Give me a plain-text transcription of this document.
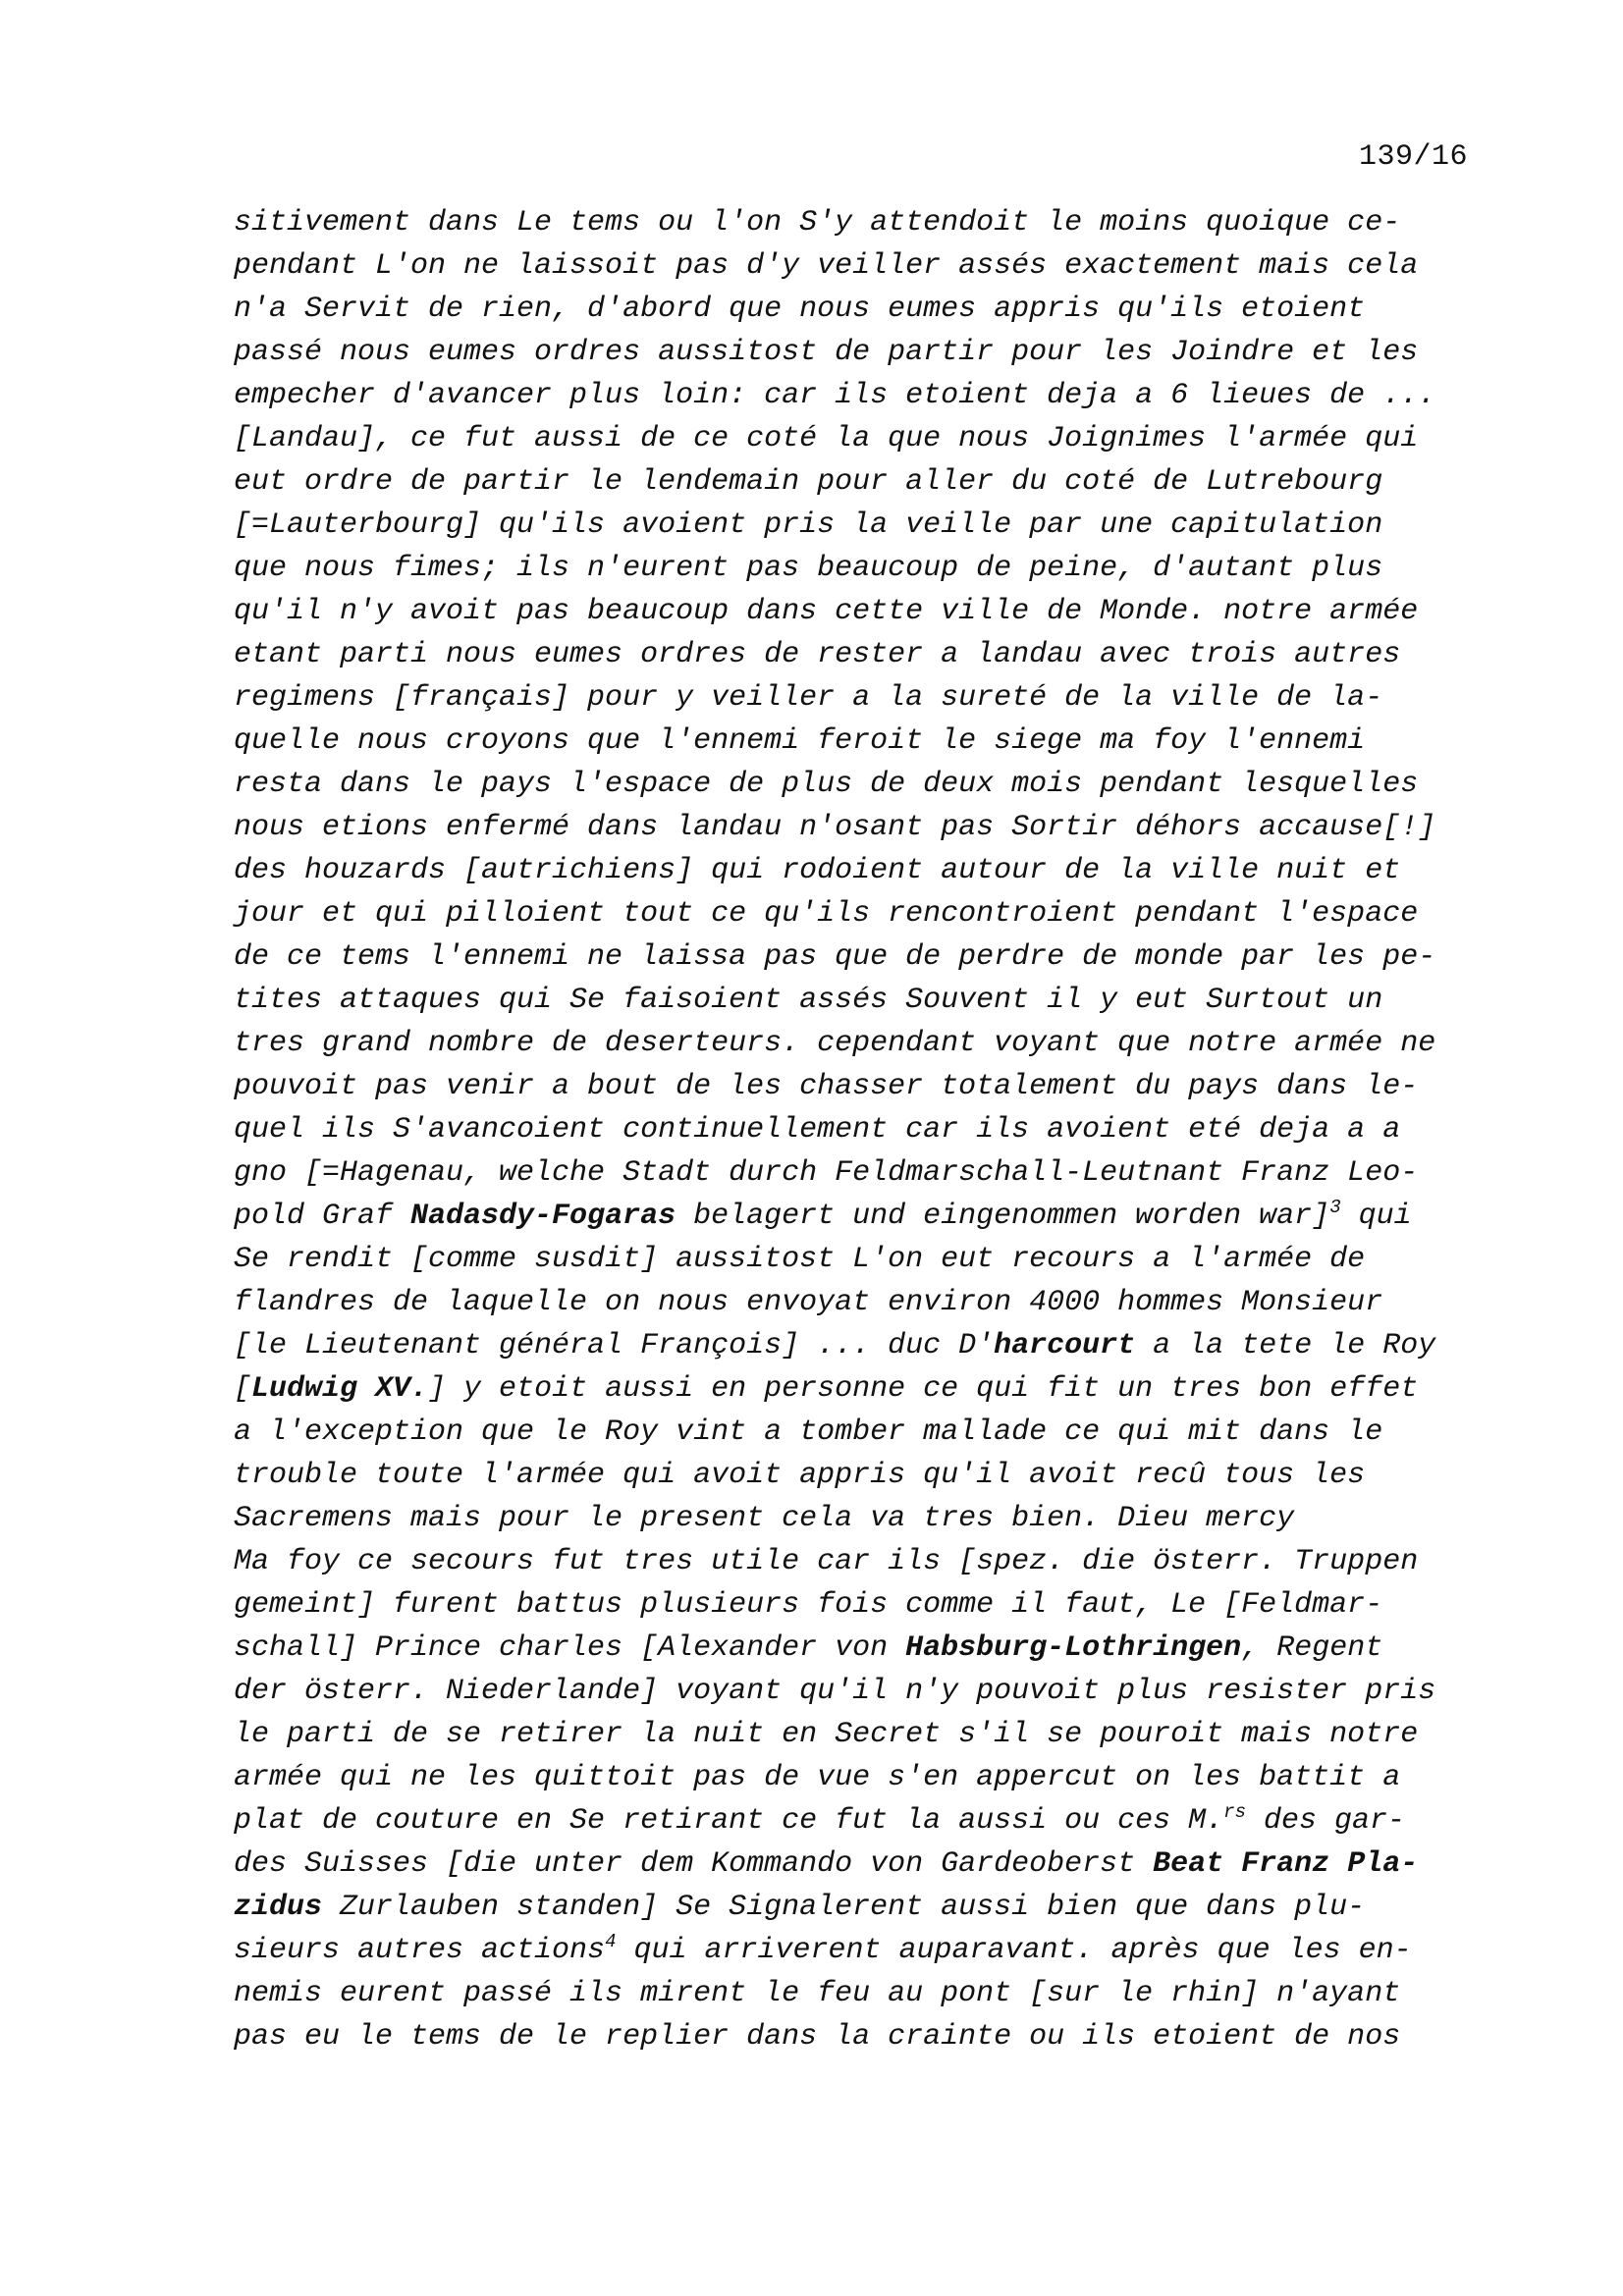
139/16
sitivement dans Le tems ou l'on S'y attendoit le moins quoique ce-
pendant L'on ne laissoit pas d'y veiller assés exactement mais cela
n'a Servit de rien, d'abord que nous eumes appris qu'ils etoient
passé nous eumes ordres aussitost de partir pour les Joindre et les
empecher d'avancer plus loin: car ils etoient deja a 6 lieues de ...
[Landau], ce fut aussi de ce coté la que nous Joignimes l'armée qui
eut ordre de partir le lendemain pour aller du coté de Lutrebourg
[=Lauterbourg] qu'ils avoient pris la veille par une capitulation
que nous fimes; ils n'eurent pas beaucoup de peine, d'autant plus
qu'il n'y avoit pas beaucoup dans cette ville de Monde. notre armée
etant parti nous eumes ordres de rester a landau avec trois autres
regimens [français] pour y veiller a la sureté de la ville de la-
quelle nous croyons que l'ennemi feroit le siege ma foy l'ennemi
resta dans le pays l'espace de plus de deux mois pendant lesquelles
nous etions enfermé dans landau n'osant pas Sortir déhors accause[!]
des houzards [autrichiens] qui rodoient autour de la ville nuit et
jour et qui pilloient tout ce qu'ils rencontroient pendant l'espace
de ce tems l'ennemi ne laissa pas que de perdre de monde par les pe-
tites attaques qui Se faisoient assés Souvent il y eut Surtout un
tres grand nombre de deserteurs. cependant voyant que notre armée ne
pouvoit pas venir a bout de les chasser totalement du pays dans le-
quel ils S'avancoient continuellement car ils avoient eté deja a a
gno [=Hagenau, welche Stadt durch Feldmarschall-Leutnant Franz Leo-
pold Graf Nadasdy-Fogaras belagert und eingenommen worden war]$^3$ qui
Se rendit [comme susdit] aussitost L'on eut recours a l'armée de
flandres de laquelle on nous envoyat environ 4000 hommes Monsieur
[le Lieutenant général François] ... duc D'harcourt a la tete le Roy
[Ludwig XV.] y etoit aussi en personne ce qui fit un tres bon effet
a l'exception que le Roy vint a tomber mallade ce qui mit dans le
trouble toute l'armée qui avoit appris qu'il avoit recû tous les
Sacremens mais pour le present cela va tres bien. Dieu mercy
Ma foy ce secours fut tres utile car ils [spez. die österr. Truppen
gemeint] furent battus plusieurs fois comme il faut, Le [Feldmar-
schall] Prince charles [Alexander von Habsburg-Lothringen, Regent
der österr. Niederlande] voyant qu'il n'y pouvoit plus resister pris
le parti de se retirer la nuit en Secret s'il se pouroit mais notre
armée qui ne les quittoit pas de vue s'en appercut on les battit a
plat de couture en Se retirant ce fut la aussi ou ces M.$^{rs}$ des gar-
des Suisses [die unter dem Kommando von Gardeoberst Beat Franz Pla-
zidus Zurlauben standen] Se Signalerent aussi bien que dans plu-
sieurs autres actions$^4$ qui arriverent auparavant. après que les en-
nemis eurent passé ils mirent le feu au pont [sur le rhin] n'ayant
pas eu le tems de le replier dans la crainte ou ils etoient de nos
